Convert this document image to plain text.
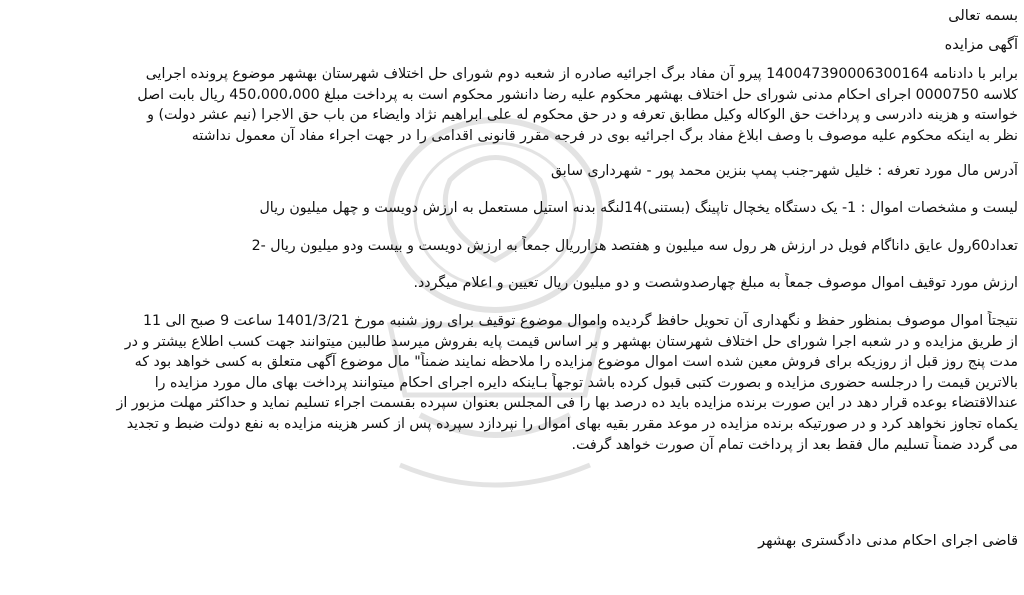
بسمه تعالی
آگهی مزایده
برابر با دادنامه 140047390006300164 پیرو آن مفاد برگ اجرائیه صادره از شعبه دوم شورای حل اختلاف شهرستان بهشهر موضوع پرونده اجرایی
کلاسه 0000750 اجرای احکام مدنی شورای حل اختلاف بهشهر محکوم علیه رضا دانشور محکوم است به پرداخت مبلغ 450،000،000 ریال بابت اصل
خواسته و هزینه دادرسی و پرداخت حق الوکاله وکیل مطابق تعرفه و در حق محکوم له علی ابراهیم نژاد وایضاء من باب حق الاجرا (نیم عشر دولت) و
نظر به اینکه محکوم علیه موصوف با وصف ابلاغ مفاد برگ اجرائیه بوی در فرجه مقرر قانونی اقدامی را در جهت اجراء مفاد آن معمول نداشته
آدرس مال مورد تعرفه : خلیل شهر-جنب پمپ بنزین محمد پور - شهرداری سابق
لیست و مشخصات اموال : 1- یک دستگاه یخچال تاپینگ (بستنی)14لنگه بدنه استیل مستعمل به ارزش دویست و چهل میلیون ریال
تعداد60رول عایق داناگام فویل در ارزش هر رول سه میلیون و هفتصد هزارریال جمعاً به ارزش دویست و بیست ودو میلیون ریال -2
ارزش مورد توقیف اموال موصوف جمعاً به مبلغ چهارصدوشصت و دو میلیون ریال تعیین و اعلام میگردد.
نتیجتاً اموال موصوف بمنظور حفظ و نگهداری آن تحویل حافظ گردیده واموال موضوع توقیف برای روز شنبه مورخ 1401/3/21 ساعت 9 صبح الی 11
از طریق مزایده و در شعبه اجرا شورای حل اختلاف شهرستان بهشهر و بر اساس قیمت پایه بفروش میرسد طالبین میتوانند جهت کسب اطلاع بیشتر و در
مدت پنج روز قبل از روزیکه برای فروش معین شده است اموال موضوع مزایده را ملاحظه نمایند ضمناً" مال موضوع آگهی متعلق به کسی خواهد بود که
بالاترین قیمت را درجلسه حضوری مزایده و بصورت کتبی قبول کرده باشد توجهاً بـاینکه دایره اجرای احکام میتوانند پرداخت بهای مال مورد مزایده را
عندالاقتضاء بوعده قرار دهد در این صورت برنده مزایده باید ده درصد بها را فی المجلس بعنوان سپرده بقسمت اجراء تسلیم نماید و حداکثر مهلت مزبور از
یکماه تجاوز نخواهد کرد و در صورتیکه برنده مزایده در موعد مقرر بقیه بهای اموال را نپردازد سپرده پس از کسر هزینه مزایده به نفع دولت ضبط و تجدید
می گردد ضمناً تسلیم مال فقط بعد از پرداخت تمام آن صورت خواهد گرفت.
قاضی اجرای احکام مدنی دادگستری بهشهر
